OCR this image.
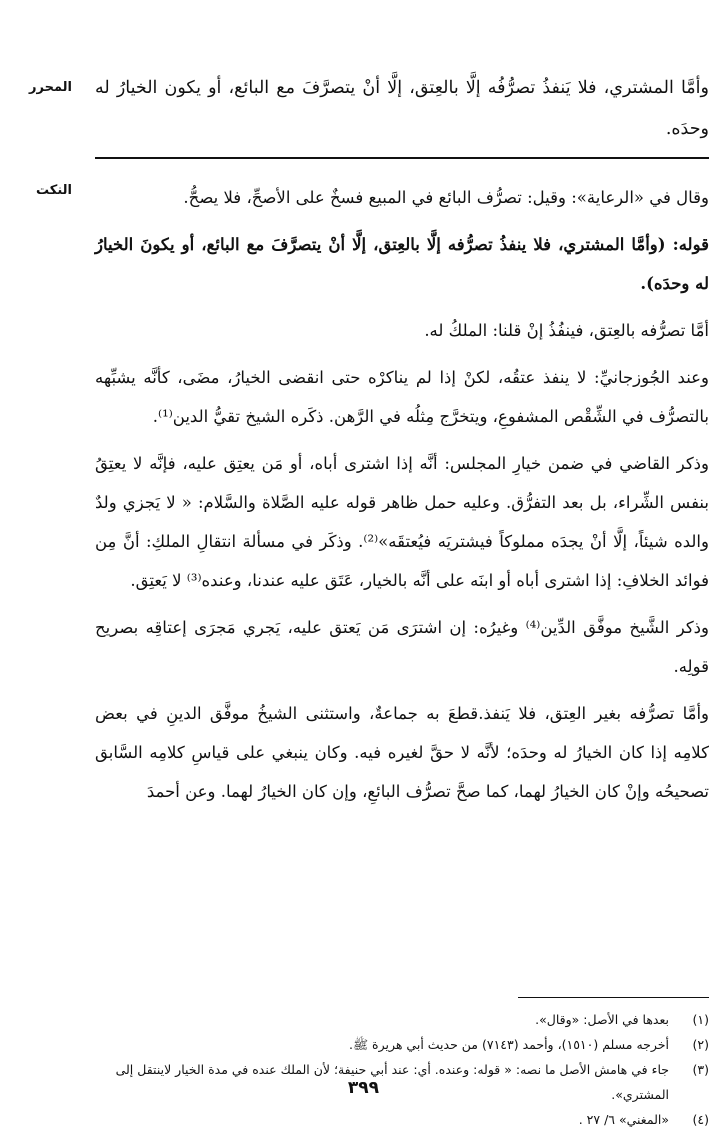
المحرر وأمَّا المشتري، فلا يَنفذُ تصرُّفُه إلَّا بالعِتق، إلَّا أنْ يتصرَّفَ مع البائع، أو يكون الخيارُ له وحدَه.

النكت	وقال في «الرعاية»: وقيل: تصرُّف البائع في المبيع فسخٌ على الأصحِّ، فلا يصحُّ.

قوله: (وأمَّا المشتري، فلا ينفذُ تصرُّفه إلَّا بالعِتق، إلَّا أنْ يتصرَّفَ مع البائع، أو يكونَ الخيارُ له وحدَه).

أمَّا تصرُّفه بالعِتق، فينفُذُ إنْ قلنا: الملكُ له.

وعند الجُوزجانيِّ: لا ينفذ عتقُه، لكنْ إذا لم يناكرْه حتى انقضى الخيارُ، مضَى، كأنَّه يشبِّهه بالتصرُّف في الشِّقْص المشفوعِ، ويتخرَّج مِثلُه في الرَّهن. ذكَره الشيخ تقيُّ الدين⁽¹⁾.

وذكر القاضي في ضمن خيارِ المجلس: أنَّه إذا اشترى أباه، أو مَن يعتِق عليه، فإنَّه لا يعتِقُ بنفس الشِّراء، بل بعد التفرُّق. وعليه حمل ظاهر قوله عليه الصَّلاة والسَّلام: « لا يَجزي ولدٌ والده شيئاً، إلَّا أنْ يجدَه مملوكاً فيشتريَه فيُعتقَه»⁽²⁾. وذكَر في مسألة انتقالِ الملكِ: أنَّ مِن فوائد الخلافِ: إذا اشترى أباه أو ابنَه على أنَّه بالخيار، عَتَق عليه عندنا، وعنده⁽³⁾ لا يَعتِق.

وذكر الشَّيخ موفَّق الدِّين⁽⁴⁾ وغيرُه: إن اشترَى مَن يَعتق عليه، يَجري مَجرَى إعتاقِه بصريح قولِه.

وأمَّا تصرُّفه بغير العِتق، فلا يَنفذ.قطعَ به جماعةٌ، واستثنى الشيخُ موفَّق الدينِ في بعض كلامِه إذا كان الخيارُ له وحدَه؛ لأنَّه لا حقَّ لغيره فيه. وكان ينبغي على قياسِ كلامِه السَّابق تصحيحُه وإنْ كان الخيارُ لهما، كما صحَّ تصرُّف البائعِ، وإن كان الخيارُ لهما. وعن أحمدَ

(١)
بعدها في الأصل: «وقال».
(٢)
أخرجه مسلم (١٥١٠)، وأحمد (٧١٤٣) من حديث أبي هريرة ﷺ.
(٣)
جاء في هامش الأصل ما نصه: « قوله: وعنده. أي: عند أبي حنيفة؛ لأن الملك عنده في مدة الخيار لاينتقل إلى المشتري».
(٤)
«المغني» ٦/ ٢٧ .
٣٩٩
